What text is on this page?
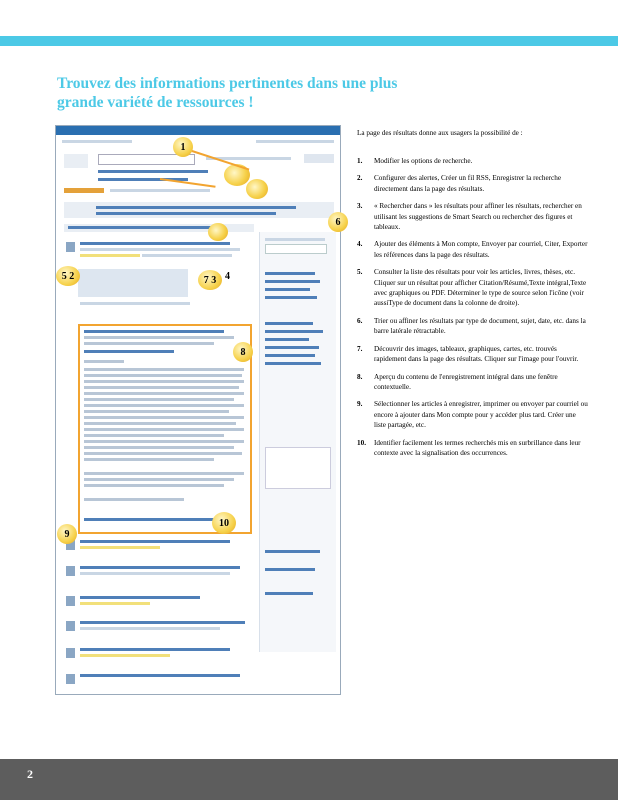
Trouvez des informations pertinentes dans une plus
grande variété de ressources !
1
7 3 4
5 2
6
8
9
10
La page des résultats donne aux usagers la possibilité de :
1. Modifier les options de recherche.
2. Configurer des alertes, Créer un fil RSS, Enregistrer la recherche directement dans la page des résultats.
3. « Rechercher dans » les résultats pour affiner les résultats, rechercher en utilisant les suggestions de Smart Search ou rechercher des figures et tableaux.
4. Ajouter des éléments à Mon compte, Envoyer par courriel, Citer, Exporter les références dans la page des résultats.
5. Consulter la liste des résultats pour voir les articles, livres, thèses, etc. Cliquer sur un résultat pour afficher Citation/Résumé,Texte intégral,Texte avec graphiques ou PDF. Déterminer le type de source selon l'icône (voir aussiType de document dans la colonne de droite).
6. Trier ou affiner les résultats par type de document, sujet, date, etc. dans la barre latérale rétractable.
7. Découvrir des images, tableaux, graphiques, cartes, etc. trouvés rapidement dans la page des résultats. Cliquer sur l'image pour l'ouvrir.
8. Aperçu du contenu de l'enregistrement intégral dans une fenêtre contextuelle.
9. Sélectionner les articles à enregistrer, imprimer ou envoyer par courriel ou encore à ajouter dans Mon compte pour y accéder plus tard. Créer une liste partagée, etc.
10. Identifier facilement les termes recherchés mis en surbrillance dans leur contexte avec la signalisation des occurrences.
2
